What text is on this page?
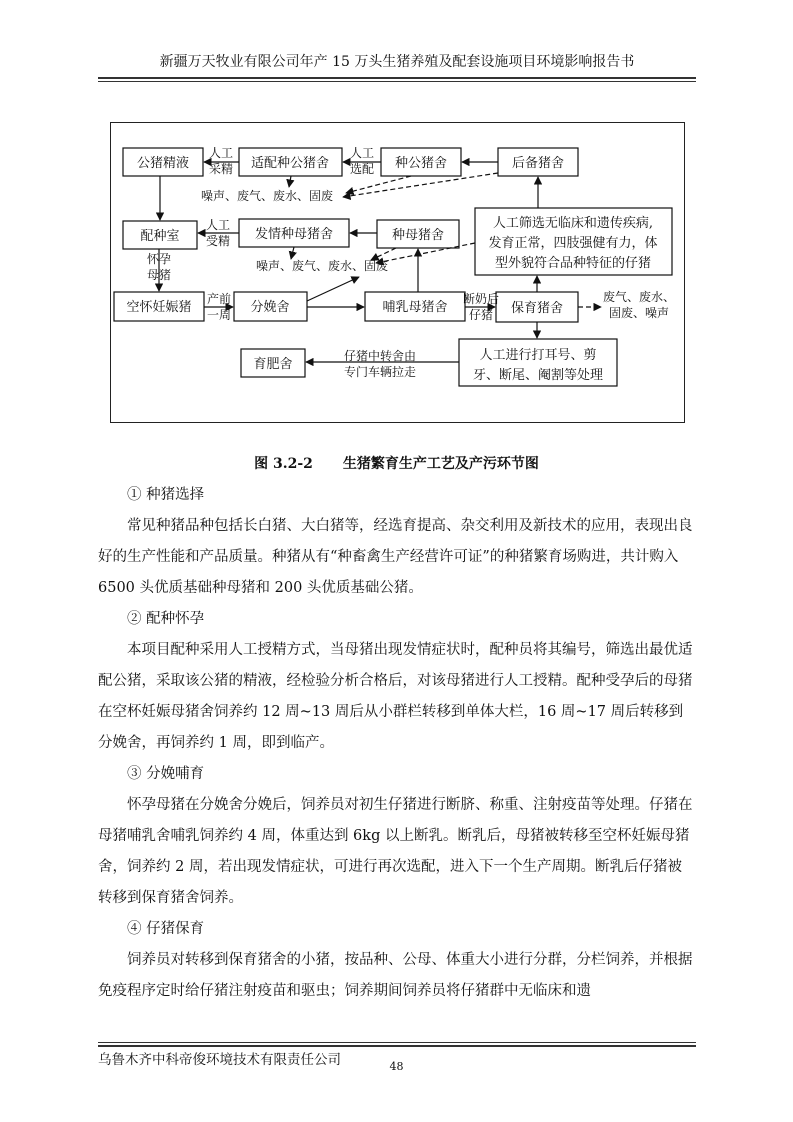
新疆万天牧业有限公司年产 15 万头生猪养殖及配套设施项目环境影响报告书
公猪精液	适配种公猪舍	种公猪舍	后备猪舍
配种室	发情种母猪舍	种母猪舍
人工筛选无临床和遗传疾病,
发育正常，四肢强健有力，体
型外貌符合品种特征的仔猪
空怀妊娠猪	分娩舍	哺乳母猪舍	保育猪舍
育肥舍
人工进行打耳号、剪
牙、断尾、阉割等处理
人工
采精
人工
选配
人工
受精
怀孕
母猪
产前
一周
断奶后
仔猪
仔猪中转舍由
专门车辆拉走
噪声、废气、废水、固废
噪声、废气、废水、固废
废气、废水、
固废、噪声
图 3.2-2 生猪繁育生产工艺及产污环节图

① 种猪选择

常见种猪品种包括长白猪、大白猪等，经选育提高、杂交利用及新技术的应用，表现出良好的生产性能和产品质量。种猪从有“种畜禽生产经营许可证”的种猪繁育场购进，共计购入 6500 头优质基础种母猪和 200 头优质基础公猪。

② 配种怀孕

本项目配种采用人工授精方式，当母猪出现发情症状时，配种员将其编号，筛选出最优适配公猪，采取该公猪的精液，经检验分析合格后，对该母猪进行人工授精。配种受孕后的母猪在空杯妊娠母猪舍饲养约 12 周~13 周后从小群栏转移到单体大栏，16 周~17 周后转移到分娩舍，再饲养约 1 周，即到临产。

③ 分娩哺育

怀孕母猪在分娩舍分娩后，饲养员对初生仔猪进行断脐、称重、注射疫苗等处理。仔猪在母猪哺乳舍哺乳饲养约 4 周，体重达到 6kg 以上断乳。断乳后，母猪被转移至空杯妊娠母猪舍，饲养约 2 周，若出现发情症状，可进行再次选配，进入下一个生产周期。断乳后仔猪被转移到保育猪舍饲养。

④ 仔猪保育

饲养员对转移到保育猪舍的小猪，按品种、公母、体重大小进行分群，分栏饲养，并根据免疫程序定时给仔猪注射疫苗和驱虫；饲养期间饲养员将仔猪群中无临床和遗

乌鲁木齐中科帝俊环境技术有限责任公司	48
